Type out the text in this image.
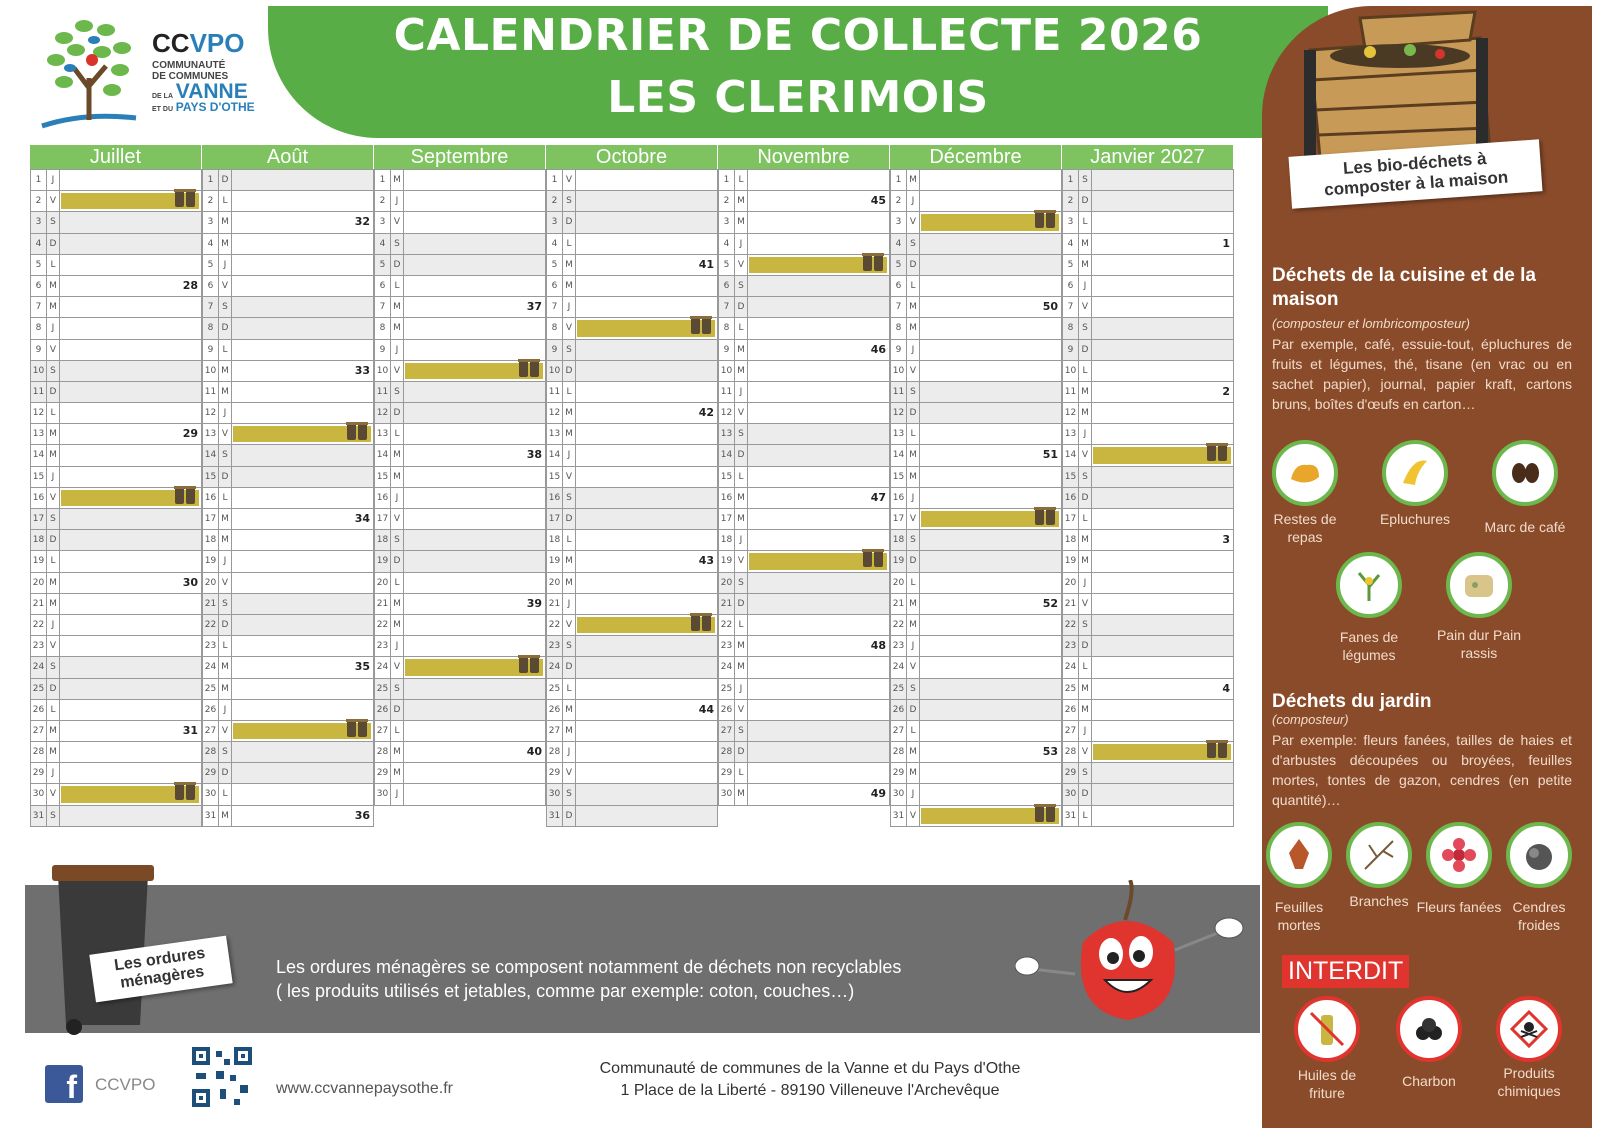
CCVPO
COMMUNAUTÉ
DE COMMUNES
DE LA VANNE
ET DU PAYS D'OTHE
CALENDRIER DE COLLECTE 2026
LES CLERIMOIS
Juillet
1	J
2 V
3 S
4 D
5	L
6 M	28
7 M
8	J
9 V
10 S
11 D
12 L
13 M	29
14 M
15 J
16 V
17 S
18 D
19 L
20 M	30
21 M
22 J
23 V
24 S
25 D
26 L
27 M	31
28 M
29 J
30 V
31 S
Août
1 D
2	L
3 M	32
4 M
5	J
6 V
7 S
8 D
9	L
10 M	33
11 M
12 J
13 V
14 S
15 D
16 L
17 M	34
18 M
19 J
20 V
21 S
22 D
23 L
24 M	35
25 M
26 J
27 V
28 S
29 D
30 L
31 M	36
Septembre
1 M
2	J
3 V
4 S
5 D
6	L
7 M	37
8 M
9	J
10 V
11 S
12 D
13 L
14 M	38
15 M
16 J
17 V
18 S
19 D
20 L
21 M	39
22 M
23 J
24 V
25 S
26 D
27 L
28 M	40
29 M
30 J
Octobre
1 V
2 S
3 D
4	L
5 M	41
6 M
7	J
8 V
9 S
10 D
11 L
12 M	42
13 M
14 J
15 V
16 S
17 D
18 L
19 M	43
20 M
21 J
22 V
23 S
24 D
25 L
26 M	44
27 M
28 J
29 V
30 S
31 D
Novembre
1	L
2 M	45
3 M
4	J
5 V
6 S
7 D
8	L
9 M	46
10 M
11 J
12 V
13 S
14 D
15 L
16 M	47
17 M
18 J
19 V
20 S
21 D
22 L
23 M	48
24 M
25 J
26 V
27 S
28 D
29 L
30 M	49
Décembre
1 M
2	J
3 V
4 S
5 D
6	L
7 M	50
8 M
9	J
10 V
11 S
12 D
13 L
14 M	51
15 M
16 J
17 V
18 S
19 D
20 L
21 M	52
22 M
23 J
24 V
25 S
26 D
27 L
28 M	53
29 M
30 J
31 V
Janvier 2027
1 S
2 D
3	L
4 M	1
5 M
6	J
7 V
8 S
9 D
10 L
11 M	2
12 M
13 J
14 V
15 S
16 D
17 L
18 M	3
19 M
20 J
21 V
22 S
23 D
24 L
25 M	4
26 M
27 J
28 V
29 S
30 D
31 L
Les bio-déchets à composter à la maison
Déchets de la cuisine et de la maison
(composteur et lombricomposteur)
Par exemple, café, essuie-tout, épluchures de fruits et légumes, thé, tisane (en vrac ou en sachet papier), journal, papier kraft, cartons bruns, boîtes d'œufs en carton…
Restes de repas
Epluchures	Marc de café
Fanes de légumes
Pain dur Pain rassis
Déchets du jardin
(composteur)
Par exemple: fleurs fanées, tailles de haies et d'arbustes découpées ou broyées, feuilles mortes, tontes de gazon, cendres (en petite quantité)…
Feuilles mortes
Branches Fleurs fanées Cendres froides
INTERDIT
Huiles de friture
Charbon	Produits chimiques
Les ordures ménagères	Les ordures ménagères se composent notamment de déchets non recyclables
( les produits utilisés et jetables, comme par exemple: coton, couches…)
f	CCVPO	www.ccvannepaysothe.fr
Communauté de communes de la Vanne et du Pays d'Othe
1 Place de la Liberté - 89190 Villeneuve l'Archevêque
